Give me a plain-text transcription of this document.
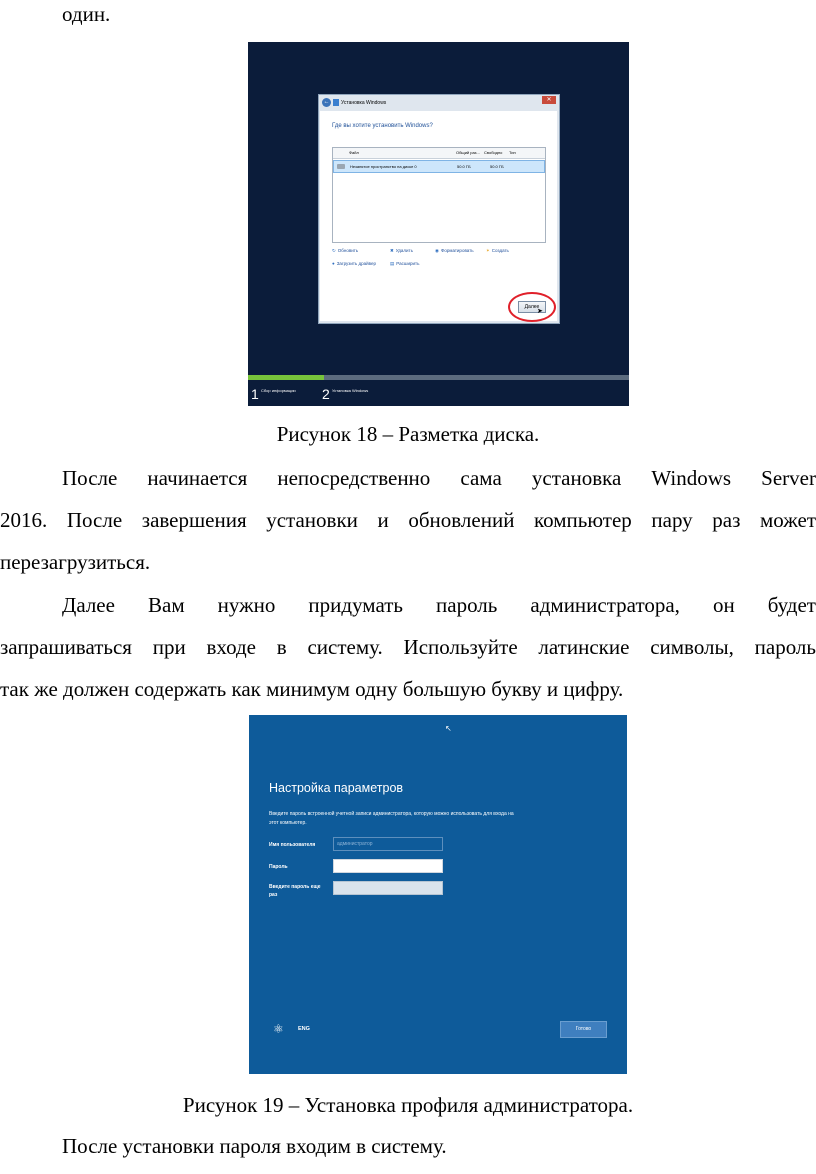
один.

←	Установка Windows	✕
Где вы хотите установить Windows?
Файл	Общий раз... Свободно Тип
Незанятое пространство на диске 0	50.0 ГБ	50.0 ГБ
↻ Обновить	✖ Удалить	◉ Форматировать	✶ Создать
● Загрузить драйвер	▤ Расширить
Далее
➤
1 Сбор информации 2 Установка Windows
Рисунок 18 – Разметка диска.
После начинается непосредственно сама установка Windows Server
2016. После завершения установки и обновлений компьютер пару раз может
перезагрузиться.
Далее Вам нужно придумать пароль администратора, он будет
запрашиваться при входе в систему. Используйте латинские символы, пароль
так же должен содержать как минимум одну большую букву и цифру.
↖
Настройка параметров
Введите пароль встроенной учетной записи администратора, которую можно использовать для входа на этот компьютер.
Имя пользователя	администратор
Пароль
Введите пароль еще раз
⚛	ENG	Готово
Рисунок 19 – Установка профиля администратора.
После установки пароля входим в систему.
